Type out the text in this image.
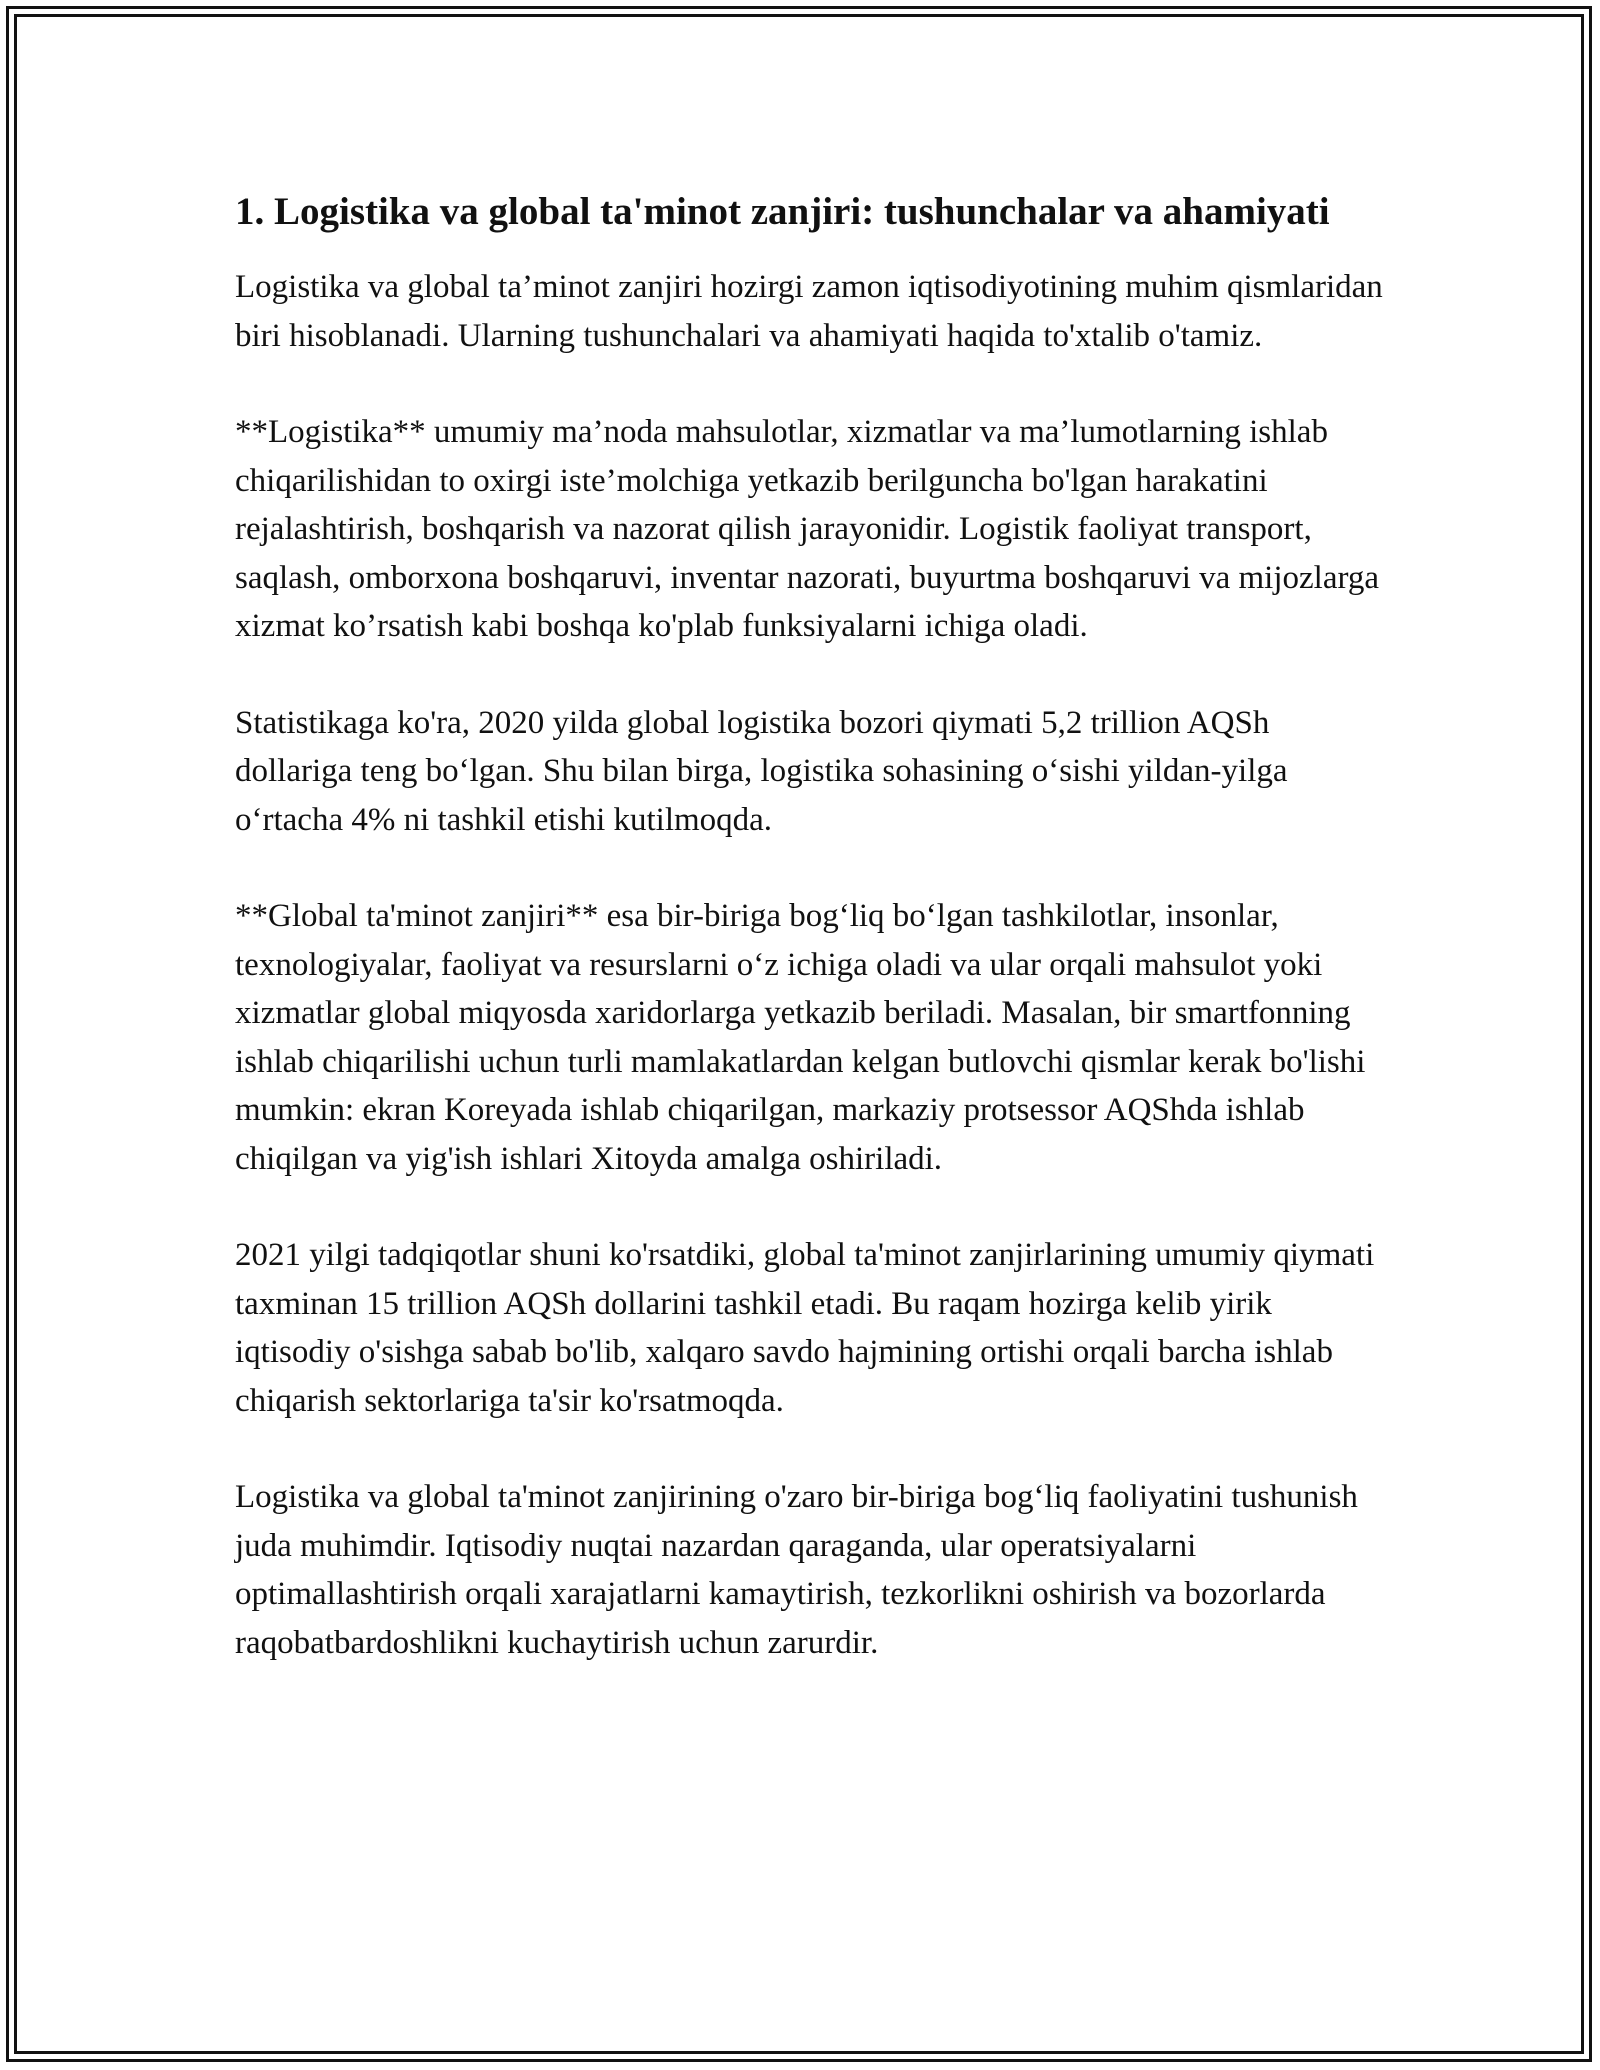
1. Logistika va global ta'minot zanjiri: tushunchalar va ahamiyati

Logistika va global ta’minot zanjiri hozirgi zamon iqtisodiyotining muhim qismlaridan biri hisoblanadi. Ularning tushunchalari va ahamiyati haqida to'xtalib o'tamiz.

**Logistika** umumiy ma’noda mahsulotlar, xizmatlar va ma’lumotlarning ishlab chiqarilishidan to oxirgi iste’molchiga yetkazib berilguncha bo'lgan harakatini rejalashtirish, boshqarish va nazorat qilish jarayonidir. Logistik faoliyat transport, saqlash, omborxona boshqaruvi, inventar nazorati, buyurtma boshqaruvi va mijozlarga xizmat ko’rsatish kabi boshqa ko'plab funksiyalarni ichiga oladi.

Statistikaga ko'ra, 2020 yilda global logistika bozori qiymati 5,2 trillion AQSh dollariga teng bo‘lgan. Shu bilan birga, logistika sohasining o‘sishi yildan-yilga o‘rtacha 4% ni tashkil etishi kutilmoqda.

**Global ta'minot zanjiri** esa bir-biriga bog‘liq bo‘lgan tashkilotlar, insonlar, texnologiyalar, faoliyat va resurslarni o‘z ichiga oladi va ular orqali mahsulot yoki xizmatlar global miqyosda xaridorlarga yetkazib beriladi. Masalan, bir smartfonning ishlab chiqarilishi uchun turli mamlakatlardan kelgan butlovchi qismlar kerak bo'lishi mumkin: ekran Koreyada ishlab chiqarilgan, markaziy protsessor AQShda ishlab chiqilgan va yig'ish ishlari Xitoyda amalga oshiriladi.

2021 yilgi tadqiqotlar shuni ko'rsatdiki, global ta'minot zanjirlarining umumiy qiymati taxminan 15 trillion AQSh dollarini tashkil etadi. Bu raqam hozirga kelib yirik iqtisodiy o'sishga sabab bo'lib, xalqaro savdo hajmining ortishi orqali barcha ishlab chiqarish sektorlariga ta'sir ko'rsatmoqda.

Logistika va global ta'minot zanjirining o'zaro bir-biriga bog‘liq faoliyatini tushunish juda muhimdir. Iqtisodiy nuqtai nazardan qaraganda, ular operatsiyalarni optimallashtirish orqali xarajatlarni kamaytirish, tezkorlikni oshirish va bozorlarda raqobatbardoshlikni kuchaytirish uchun zarurdir.
